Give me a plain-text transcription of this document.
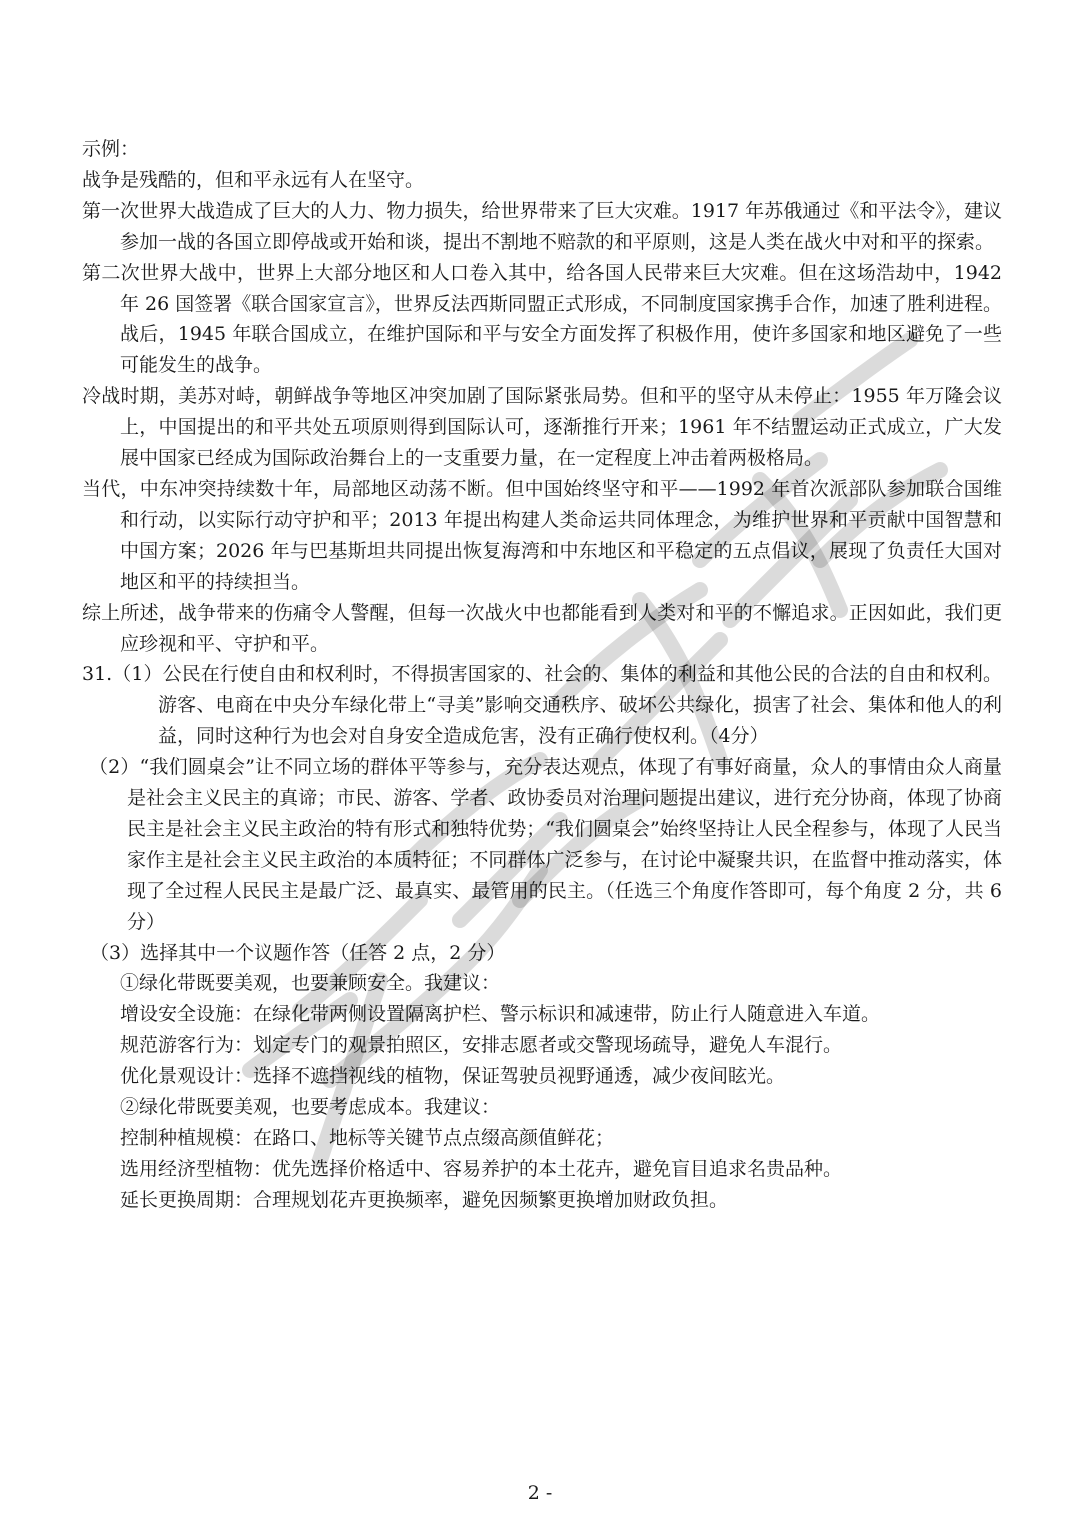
示例：

战争是残酷的，但和平永远有人在坚守。

第一次世界大战造成了巨大的人力、物力损失，给世界带来了巨大灾难。1917 年苏俄通过《和平法令》，建议参加一战的各国立即停战或开始和谈，提出不割地不赔款的和平原则，这是人类在战火中对和平的探索。

第二次世界大战中，世界上大部分地区和人口卷入其中，给各国人民带来巨大灾难。但在这场浩劫中，1942 年 26 国签署《联合国家宣言》，世界反法西斯同盟正式形成，不同制度国家携手合作，加速了胜利进程。战后，1945 年联合国成立，在维护国际和平与安全方面发挥了积极作用，使许多国家和地区避免了一些可能发生的战争。

冷战时期，美苏对峙，朝鲜战争等地区冲突加剧了国际紧张局势。但和平的坚守从未停止：1955 年万隆会议上，中国提出的和平共处五项原则得到国际认可，逐渐推行开来；1961 年不结盟运动正式成立，广大发展中国家已经成为国际政治舞台上的一支重要力量，在一定程度上冲击着两极格局。

当代，中东冲突持续数十年，局部地区动荡不断。但中国始终坚守和平——1992 年首次派部队参加联合国维和行动，以实际行动守护和平；2013 年提出构建人类命运共同体理念，为维护世界和平贡献中国智慧和中国方案；2026 年与巴基斯坦共同提出恢复海湾和中东地区和平稳定的五点倡议，展现了负责任大国对地区和平的持续担当。

综上所述，战争带来的伤痛令人警醒，但每一次战火中也都能看到人类对和平的不懈追求。正因如此，我们更应珍视和平、守护和平。

31.（1）公民在行使自由和权利时，不得损害国家的、社会的、集体的利益和其他公民的合法的自由和权利。游客、电商在中央分车绿化带上“寻美”影响交通秩序、破坏公共绿化，损害了社会、集体和他人的利益，同时这种行为也会对自身安全造成危害，没有正确行使权利。（4分）

（2）“我们圆桌会”让不同立场的群体平等参与，充分表达观点，体现了有事好商量，众人的事情由众人商量是社会主义民主的真谛；市民、游客、学者、政协委员对治理问题提出建议，进行充分协商，体现了协商民主是社会主义民主政治的特有形式和独特优势；“我们圆桌会”始终坚持让人民全程参与，体现了人民当家作主是社会主义民主政治的本质特征；不同群体广泛参与，在讨论中凝聚共识，在监督中推动落实，体现了全过程人民民主是最广泛、最真实、最管用的民主。（任选三个角度作答即可，每个角度 2 分，共 6 分）

（3）选择其中一个议题作答（任答 2 点，2 分）

①绿化带既要美观，也要兼顾安全。我建议：

增设安全设施：在绿化带两侧设置隔离护栏、警示标识和减速带，防止行人随意进入车道。

规范游客行为：划定专门的观景拍照区，安排志愿者或交警现场疏导，避免人车混行。

优化景观设计：选择不遮挡视线的植物，保证驾驶员视野通透，减少夜间眩光。

②绿化带既要美观，也要考虑成本。我建议：

控制种植规模：在路口、地标等关键节点点缀高颜值鲜花；

选用经济型植物：优先选择价格适中、容易养护的本土花卉，避免盲目追求名贵品种。

延长更换周期：合理规划花卉更换频率，避免因频繁更换增加财政负担。

2 -
